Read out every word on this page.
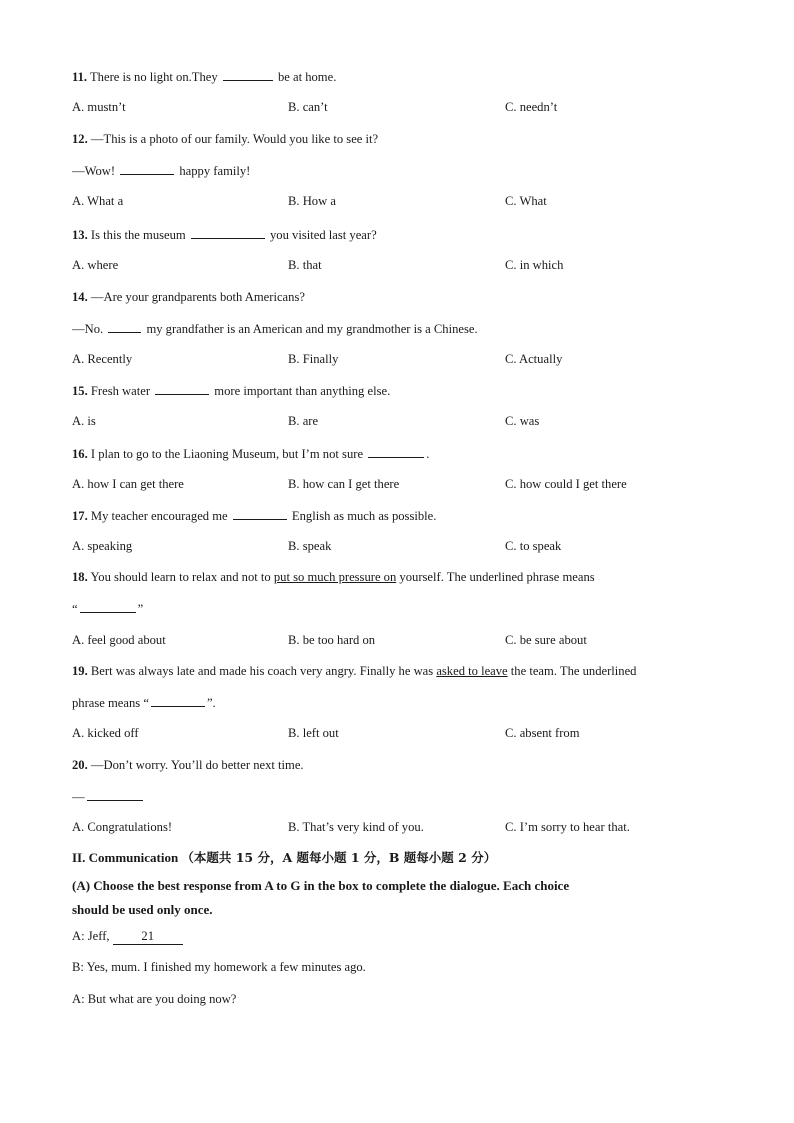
11. There is no light on.They	be at home.
A. mustn’t	B. can’t	C. needn’t
12. —This is a photo of our family. Would you like to see it?
—Wow!	happy family!
A. What a	B. How a	C. What
13. Is this the museum	you visited last year?
A. where	B. that	C. in which
14. —Are your grandparents both Americans?
—No.	my grandfather is an American and my grandmother is a Chinese.
A. Recently	B. Finally	C. Actually
15. Fresh water	more important than anything else.
A. is	B. are	C. was
16. I plan to go to the Liaoning Museum, but I’m not sure	.
A. how I can get there	B. how can I get there	C. how could I get there
17. My teacher encouraged me	English as much as possible.
A. speaking	B. speak	C. to speak
18. You should learn to relax and not to put so much pressure on yourself. The underlined phrase means
“	”
A. feel good about	B. be too hard on	C. be sure about
19. Bert was always late and made his coach very angry. Finally he was asked to leave the team. The underlined
phrase means “	”.
A. kicked off	B. left out	C. absent from
20. —Don’t worry. You’ll do better next time.
—
A. Congratulations!	B. That’s very kind of you.	C. I’m sorry to hear that.
II. Communication （本题共 15 分，A 题每小题 1 分，B 题每小题 2 分）
(A) Choose the best response from A to G in the box to complete the dialogue. Each choice
should be used only once.
A: Jeff, 21
B: Yes, mum. I finished my homework a few minutes ago.
A: But what are you doing now?
